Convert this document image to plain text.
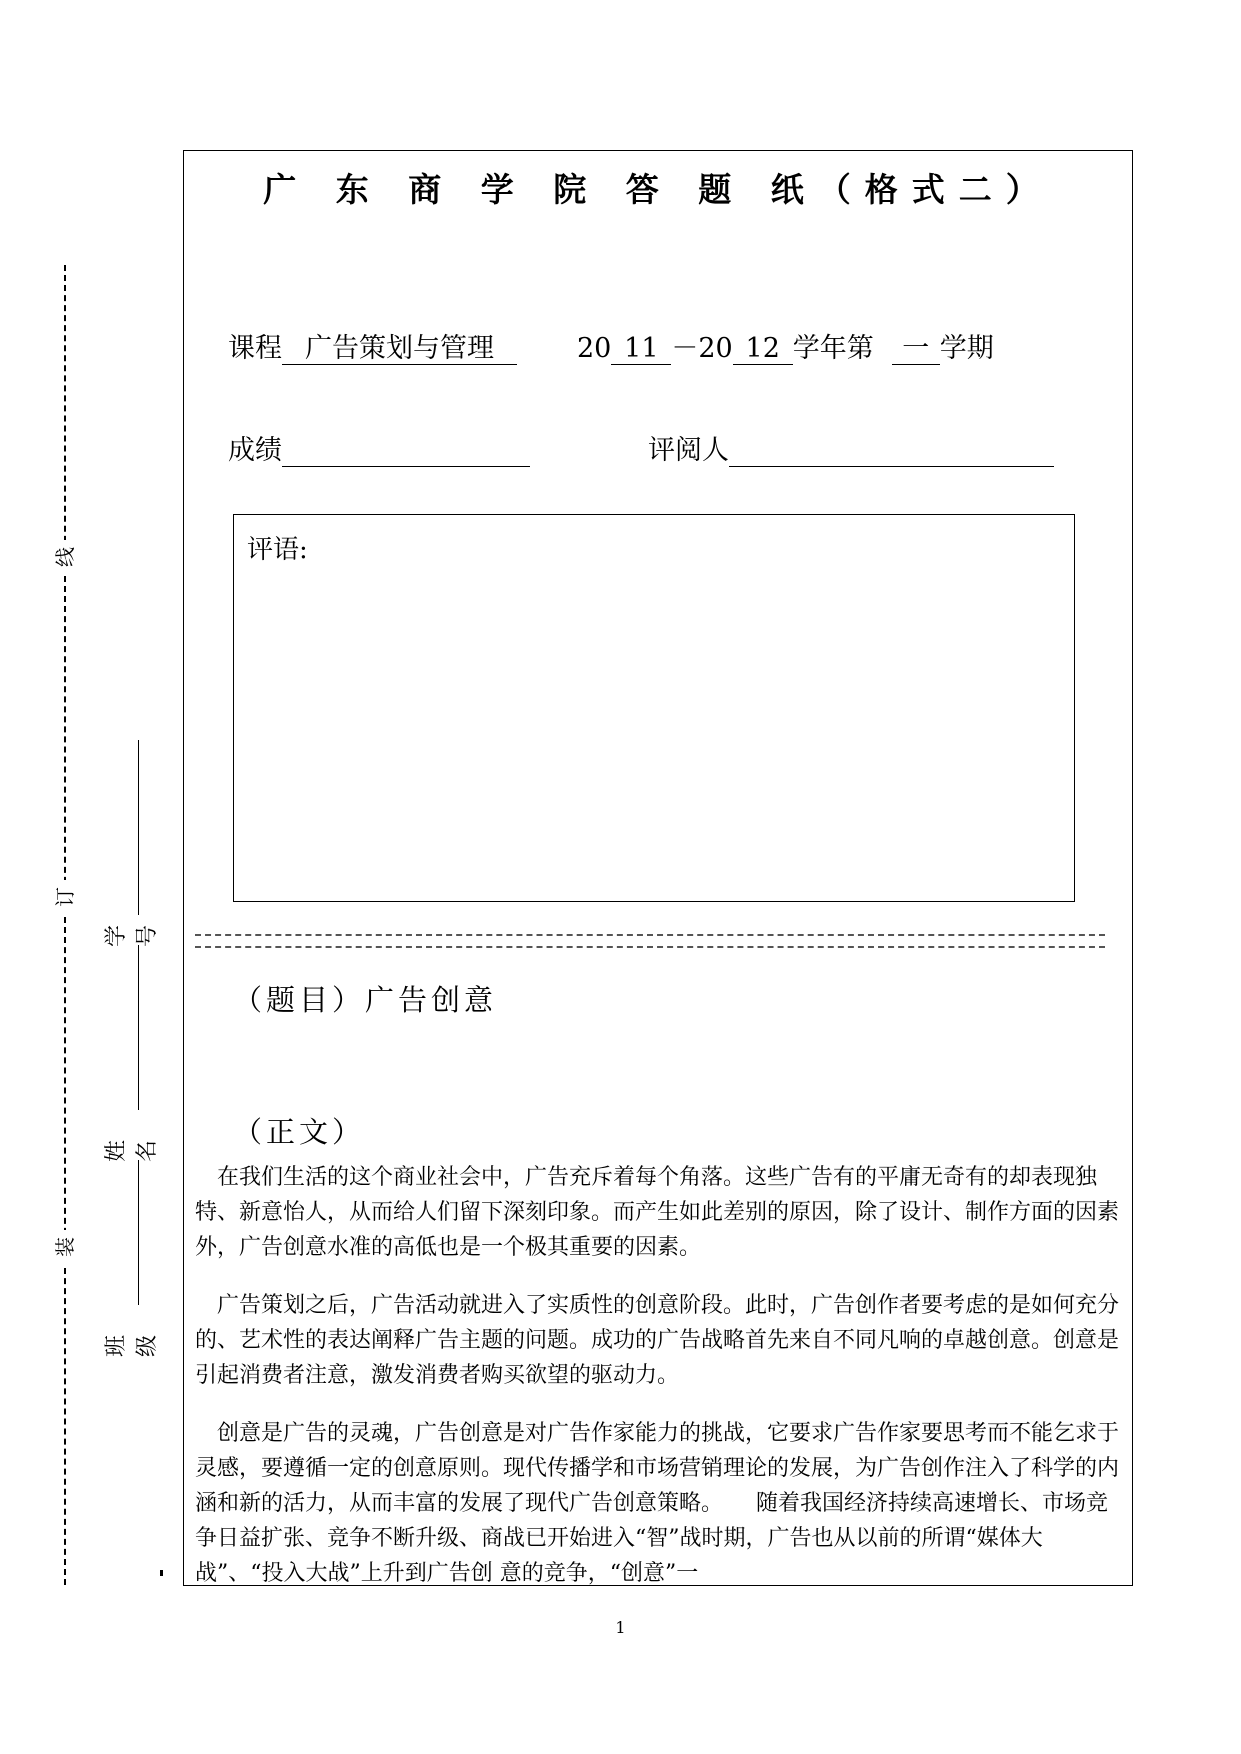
线
订
装
学号
姓名
班级
广 东 商 学 院 答 题 纸（格式二）
课程 广告策划与管理	20 11 －20 12 学年第 一 学期
成绩	评阅人
评语:
（题目）广告创意
（正文）

　在我们生活的这个商业社会中，广告充斥着每个角落。这些广告有的平庸无奇有的却表现独特、新意怡人，从而给人们留下深刻印象。而产生如此差别的原因，除了设计、制作方面的因素外，广告创意水准的高低也是一个极其重要的因素。

　广告策划之后，广告活动就进入了实质性的创意阶段。此时，广告创作者要考虑的是如何充分的、艺术性的表达阐释广告主题的问题。成功的广告战略首先来自不同凡响的卓越创意。创意是引起消费者注意，激发消费者购买欲望的驱动力。

　创意是广告的灵魂，广告创意是对广告作家能力的挑战，它要求广告作家要思考而不能乞求于灵感，要遵循一定的创意原则。现代传播学和市场营销理论的发展，为广告创作注入了科学的内涵和新的活力，从而丰富的发展了现代广告创意策略。　　随着我国经济持续高速增长、市场竞争日益扩张、竞争不断升级、商战已开始进入“智”战时期，广告也从以前的所谓“媒体大战”、“投入大战”上升到广告创 意的竞争，“创意”一

1
